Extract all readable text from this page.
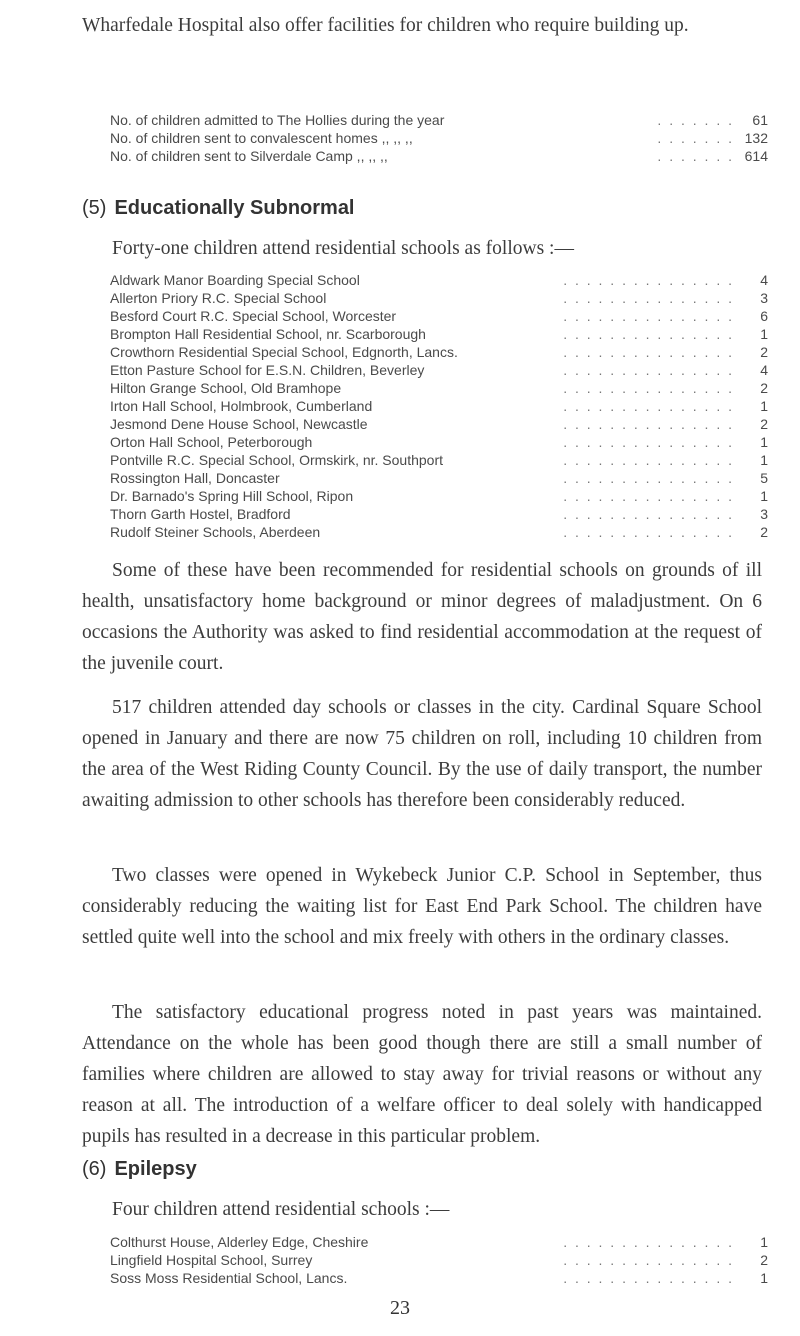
Wharfedale Hospital also offer facilities for children who require building up.
No. of children admitted to The Hollies during the year	. . . . . . .	61
No. of children sent to convalescent homes ,, ,, ,,	. . . . . . . 132
No. of children sent to Silverdale Camp ,, ,, ,,	. . . . . . . 614
(5) Educationally Subnormal
Forty-one children attend residential schools as follows :—
Aldwark Manor Boarding Special School	. . . . . . . . . . . . . . .	4
Allerton Priory R.C. Special School	. . . . . . . . . . . . . . .	3
Besford Court R.C. Special School, Worcester	. . . . . . . . . . . . . . .	6
Brompton Hall Residential School, nr. Scarborough	. . . . . . . . . . . . . . .	1
Crowthorn Residential Special School, Edgnorth, Lancs.	. . . . . . . . . . . . . . .	2
Etton Pasture School for E.S.N. Children, Beverley	. . . . . . . . . . . . . . .	4
Hilton Grange School, Old Bramhope	. . . . . . . . . . . . . . .	2
Irton Hall School, Holmbrook, Cumberland	. . . . . . . . . . . . . . .	1
Jesmond Dene House School, Newcastle	. . . . . . . . . . . . . . .	2
Orton Hall School, Peterborough	. . . . . . . . . . . . . . .	1
Pontville R.C. Special School, Ormskirk, nr. Southport	. . . . . . . . . . . . . . .	1
Rossington Hall, Doncaster	. . . . . . . . . . . . . . .	5
Dr. Barnado's Spring Hill School, Ripon	. . . . . . . . . . . . . . .	1
Thorn Garth Hostel, Bradford	. . . . . . . . . . . . . . .	3
Rudolf Steiner Schools, Aberdeen	. . . . . . . . . . . . . . .	2
Some of these have been recommended for residential schools on grounds of ill health, unsatisfactory home background or minor degrees of maladjustment. On 6 occasions the Authority was asked to find residential accommodation at the request of the juvenile court.
517 children attended day schools or classes in the city. Cardinal Square School opened in January and there are now 75 children on roll, including 10 children from the area of the West Riding County Council. By the use of daily transport, the number awaiting admission to other schools has therefore been considerably reduced.
Two classes were opened in Wykebeck Junior C.P. School in September, thus considerably reducing the waiting list for East End Park School. The children have settled quite well into the school and mix freely with others in the ordinary classes.
The satisfactory educational progress noted in past years was maintained. Attendance on the whole has been good though there are still a small number of families where children are allowed to stay away for trivial reasons or without any reason at all. The introduction of a welfare officer to deal solely with handicapped pupils has resulted in a decrease in this particular problem.
(6) Epilepsy
Four children attend residential schools :—
Colthurst House, Alderley Edge, Cheshire	. . . . . . . . . . . . . . .	1
Lingfield Hospital School, Surrey	. . . . . . . . . . . . . . .	2
Soss Moss Residential School, Lancs.	. . . . . . . . . . . . . . .	1
23
